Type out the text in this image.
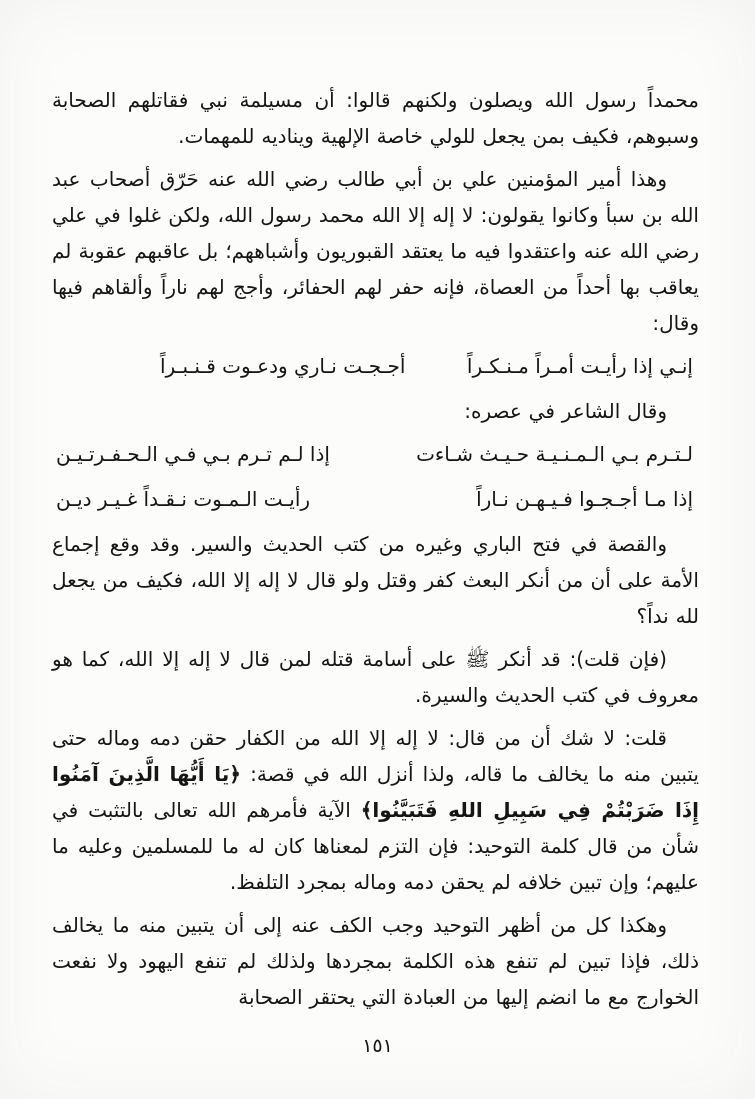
محمداً رسول الله ويصلون ولكنهم قالوا: أن مسيلمة نبي فقاتلهم الصحابة وسبوهم، فكيف بمن يجعل للولي خاصة الإلهية ويناديه للمهمات.

وهذا أمير المؤمنين علي بن أبي طالب رضي الله عنه حَرّق أصحاب عبد الله بن سبأ وكانوا يقولون: لا إله إلا الله محمد رسول الله، ولكن غلوا في علي رضي الله عنه واعتقدوا فيه ما يعتقد القبوريون وأشباههم؛ بل عاقبهم عقوبة لم يعاقب بها أحداً من العصاة، فإنه حفر لهم الحفائر، وأجج لهم ناراً وألقاهم فيها وقال:

إنـي إذا رأيـت أمـراً مـنـكـراً
أجـجـت نـاري ودعـوت قـنـبـراً

وقال الشاعر في عصره:

لـتـرم بـي الـمـنـيـة حـيـث شـاءت
إذا لـم تـرم بـي فـي الـحـفـرتـيـن
إذا مـا أجـجـوا فـيـهـن نـاراً
رأيـت الـمـوت نـقـداً غـيـر ديـن

والقصة في فتح الباري وغيره من كتب الحديث والسير. وقد وقع إجماع الأمة على أن من أنكر البعث كفر وقتل ولو قال لا إله إلا الله، فكيف من يجعل لله نداً؟

(فإن قلت): قد أنكر ﷺ على أسامة قتله لمن قال لا إله إلا الله، كما هو معروف في كتب الحديث والسيرة.

قلت: لا شك أن من قال: لا إله إلا الله من الكفار حقن دمه وماله حتى يتبين منه ما يخالف ما قاله، ولذا أنزل الله في قصة: ﴿يَا أَيُّهَا الَّذِينَ آمَنُوا إِذَا ضَرَبْتُمْ فِي سَبِيلِ اللهِ فَتَبَيَّنُوا﴾ الآية فأمرهم الله تعالى بالتثبت في شأن من قال كلمة التوحيد: فإن التزم لمعناها كان له ما للمسلمين وعليه ما عليهم؛ وإن تبين خلافه لم يحقن دمه وماله بمجرد التلفظ.

وهكذا كل من أظهر التوحيد وجب الكف عنه إلى أن يتبين منه ما يخالف ذلك، فإذا تبين لم تنفع هذه الكلمة بمجردها ولذلك لم تنفع اليهود ولا نفعت الخوارج مع ما انضم إليها من العبادة التي يحتقر الصحابة

١٥١
